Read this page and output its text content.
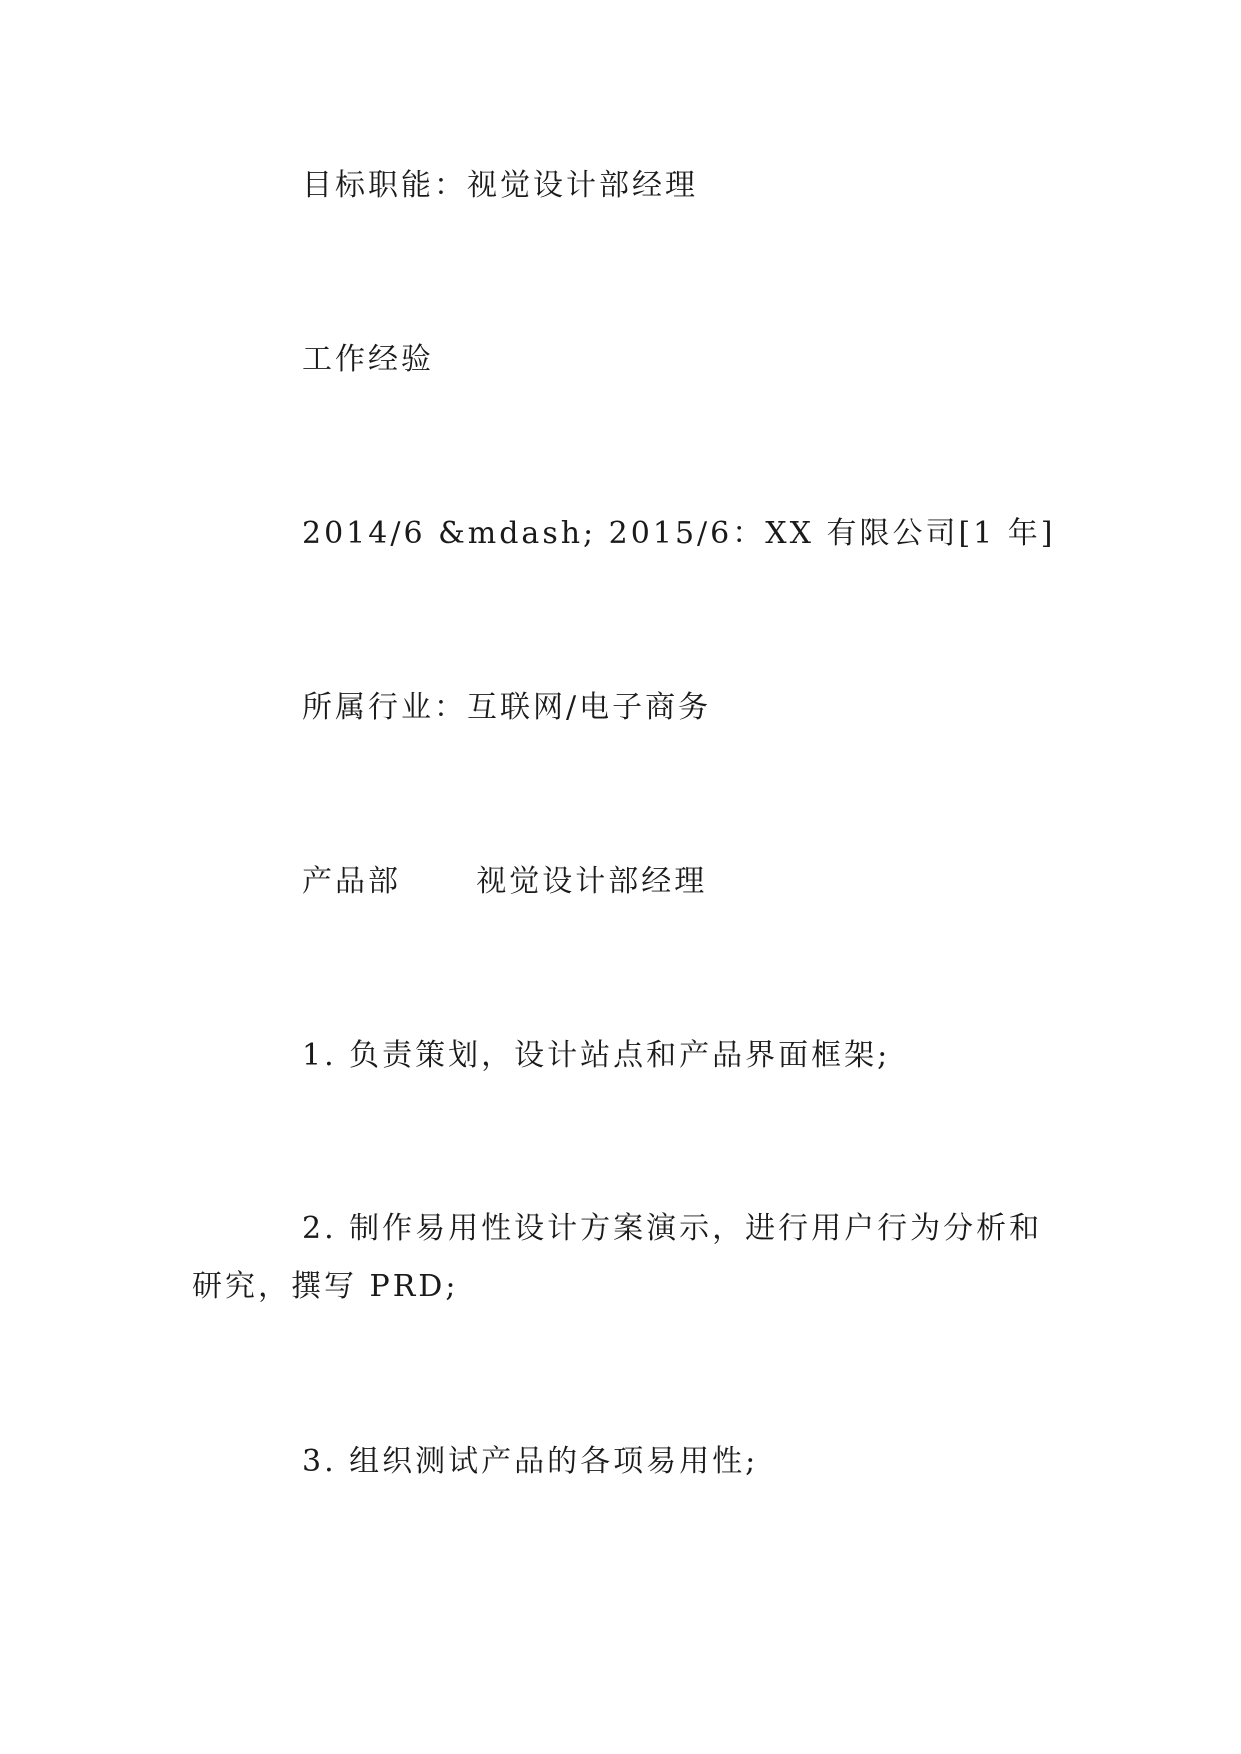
目标职能：视觉设计部经理
工作经验
2014/6 &mdash; 2015/6：XX 有限公司[1 年]
所属行业：互联网/电子商务
产品部      视觉设计部经理
1. 负责策划，设计站点和产品界面框架;
2. 制作易用性设计方案演示，进行用户行为分析和研究，撰写 PRD;
3. 组织测试产品的各项易用性;
